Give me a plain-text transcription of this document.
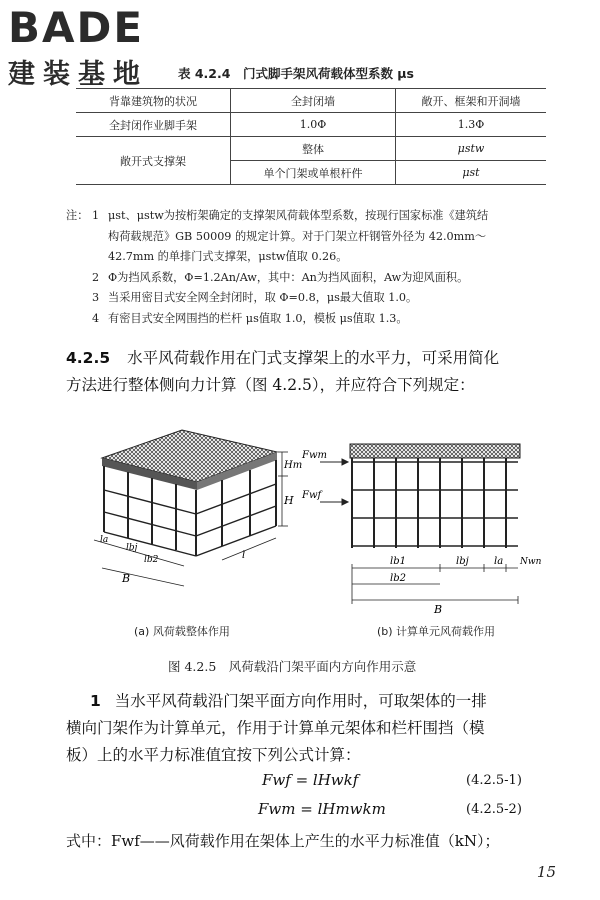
BADE
建装基地	表 4.2.4　门式脚手架风荷载体型系数 μs
背靠建筑物的状况	全封闭墙	敞开、框架和开洞墙
全封闭作业脚手架	1.0Φ	1.3Φ
敞开式支撑架	整体	μstw
	单个门架或单根杆件	μst
注： 1 μst、μstw为按桁架确定的支撑架风荷载体型系数，按现行国家标准《建筑结
构荷载规范》GB 50009 的规定计算。对于门架立杆钢管外径为 42.0mm～
42.7mm 的单排门式支撑架，μstw值取 0.26。
2 Φ为挡风系数，Φ=1.2An/Aw，其中：An为挡风面积，Aw为迎风面积。
3 当采用密目式安全网全封闭时，取 Φ=0.8，μs最大值取 1.0。
4 有密目式安全网围挡的栏杆 μs值取 1.0，模板 μs值取 1.3。
4.2.5 水平风荷载作用在门式支撑架上的水平力，可采用简化
方法进行整体侧向力计算（图 4.2.5），并应符合下列规定：
Hm
H
la
lbj
lb2
B
l
Fwm
Fwf
lb1	lbj	la Nwn
lb2
B
(a) 风荷载整体作用	(b) 计算单元风荷载作用
图 4.2.5　风荷载沿门架平面内方向作用示意
1 当水平风荷载沿门架平面方向作用时，可取架体的一排
横向门架作为计算单元，作用于计算单元架体和栏杆围挡（模
板）上的水平力标准值宜按下列公式计算：
Fwf = lHwkf	(4.2.5-1)
Fwm = lHmwkm	(4.2.5-2)
式中：Fwf——风荷载作用在架体上产生的水平力标准值（kN）；
15
